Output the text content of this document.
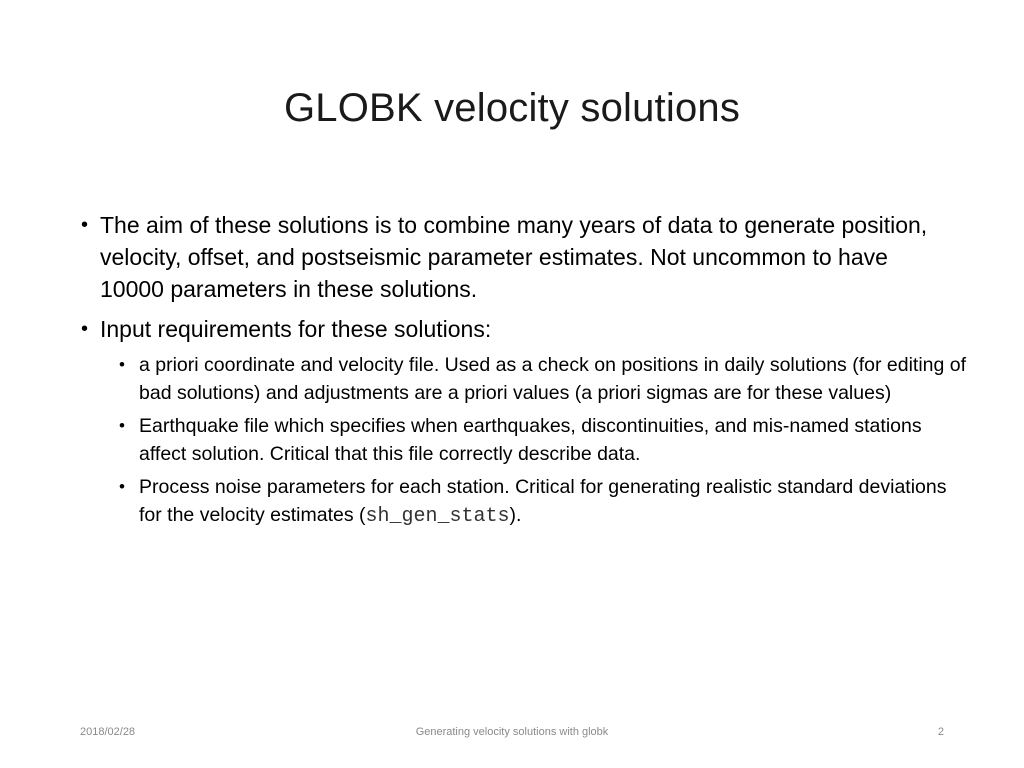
GLOBK velocity solutions
• The aim of these solutions is to combine many years of data to generate position, velocity, offset, and postseismic parameter estimates. Not uncommon to have 10000 parameters in these solutions.
• Input requirements for these solutions:
• a priori coordinate and velocity file. Used as a check on positions in daily solutions (for editing of bad solutions) and adjustments are a priori values (a priori sigmas are for these values)
• Earthquake file which specifies when earthquakes, discontinuities, and mis-named stations affect solution. Critical that this file correctly describe data.
• Process noise parameters for each station. Critical for generating realistic standard deviations for the velocity estimates (sh_gen_stats).
2018/02/28	Generating velocity solutions with globk	2
